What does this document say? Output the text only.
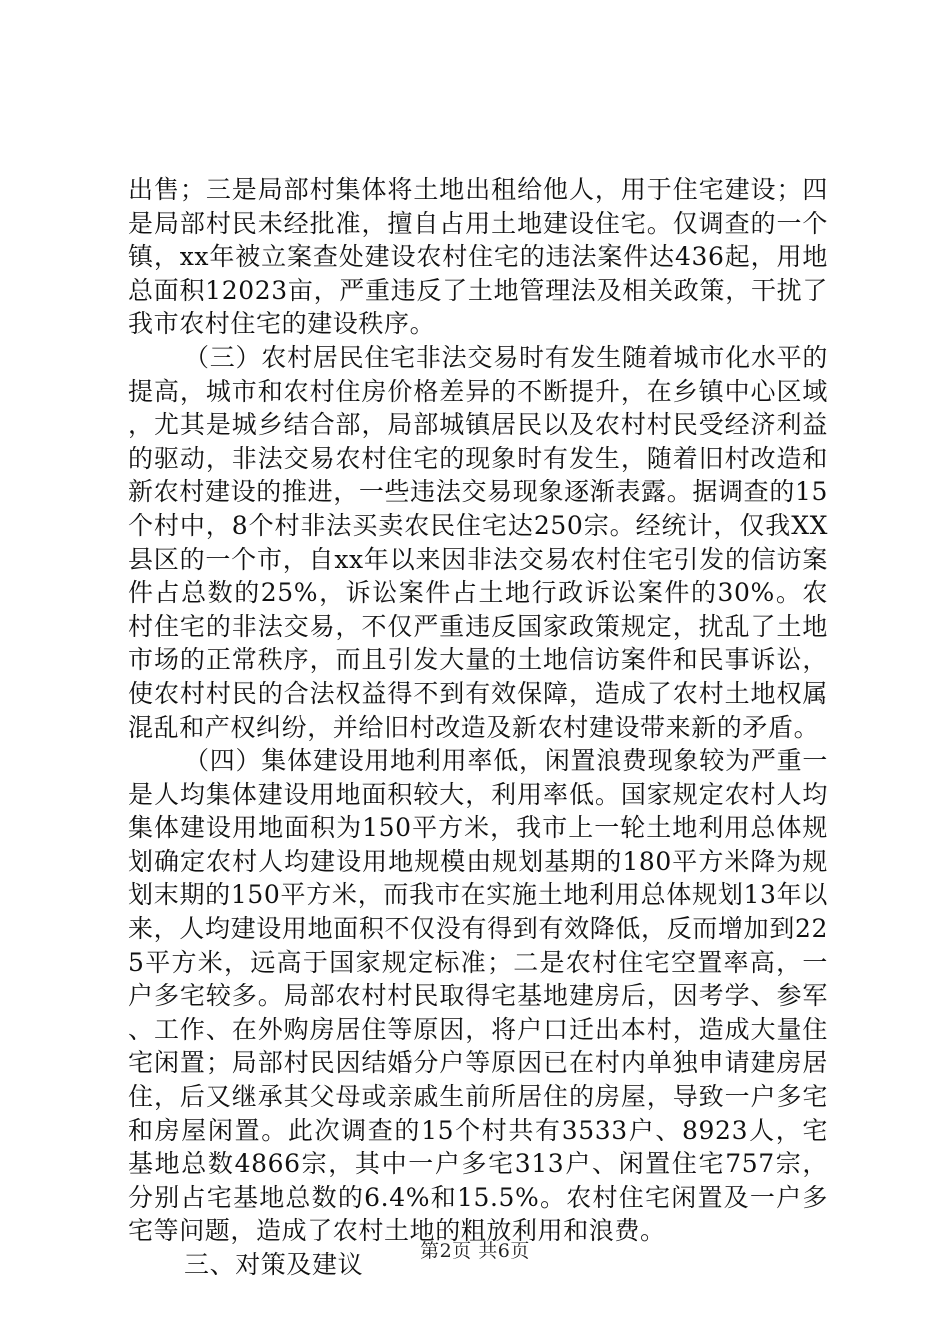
出售；三是局部村集体将土地出租给他人，用于住宅建设；四是局部村民未经批准，擅自占用土地建设住宅。仅调查的一个镇，xx年被立案查处建设农村住宅的违法案件达436起，用地总面积12023亩，严重违反了土地管理法及相关政策，干扰了我市农村住宅的建设秩序。

（三）农村居民住宅非法交易时有发生随着城市化水平的提高，城市和农村住房价格差异的不断提升，在乡镇中心区域，尤其是城乡结合部，局部城镇居民以及农村村民受经济利益的驱动，非法交易农村住宅的现象时有发生，随着旧村改造和新农村建设的推进，一些违法交易现象逐渐表露。据调查的15个村中，8个村非法买卖农民住宅达250宗。经统计，仅我XX县区的一个市，自xx年以来因非法交易农村住宅引发的信访案件占总数的25%，诉讼案件占土地行政诉讼案件的30%。农村住宅的非法交易，不仅严重违反国家政策规定，扰乱了土地市场的正常秩序，而且引发大量的土地信访案件和民事诉讼，使农村村民的合法权益得不到有效保障，造成了农村土地权属混乱和产权纠纷，并给旧村改造及新农村建设带来新的矛盾。

（四）集体建设用地利用率低，闲置浪费现象较为严重一是人均集体建设用地面积较大，利用率低。国家规定农村人均集体建设用地面积为150平方米，我市上一轮土地利用总体规划确定农村人均建设用地规模由规划基期的180平方米降为规划末期的150平方米，而我市在实施土地利用总体规划13年以来，人均建设用地面积不仅没有得到有效降低，反而增加到225平方米，远高于国家规定标准；二是农村住宅空置率高，一户多宅较多。局部农村村民取得宅基地建房后，因考学、参军、工作、在外购房居住等原因，将户口迁出本村，造成大量住宅闲置；局部村民因结婚分户等原因已在村内单独申请建房居住，后又继承其父母或亲戚生前所居住的房屋，导致一户多宅和房屋闲置。此次调查的15个村共有3533户、8923人，宅基地总数4866宗，其中一户多宅313户、闲置住宅757宗，分别占宅基地总数的6.4%和15.5%。农村住宅闲置及一户多宅等问题，造成了农村土地的粗放利用和浪费。

三、对策及建议	第2页 共6页
